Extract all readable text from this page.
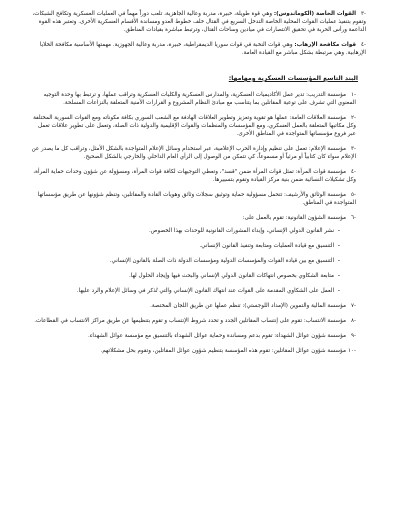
-٣القوات الخاصة (الكوماندوس): وهي قوة طويلة، خبيرة، مدربة وعالية الجاهزية، تلعب دوراً مهماً في العمليات العسكرية وتكافح الشبكات، وتقوم بتنفيذ عمليات القوات المحلية الخاصة التدخل السريع في القتال خلف خطوط العدو ومساندة الأقسام العسكرية الأخرى. وتعتبر هذه القوة الداعمة ورأس الحربة في تحقيق الانتصارات في ميادين وساحات القتال، وترتبط مباشرة بقيادات المناطق.
-٤قوات مكافحة الإرهاب: وهي قوات النخبة في قوات سوريا الديمقراطية، خبيرة، مدربة وعالية الجهوزية. مهمتها الأساسية مكافحة الخلايا الإرهابية. وهي مرتبطة بشكل مباشر مع القيادة العامة.
البند التاسع المؤسسات العسكرية ومهامها:
-١مؤسسة التدريب: تدير عمل الأكاديميات العسكرية، والمدارس العسكرية والكليات العسكرية وتراقب عملها، و ترتبط بها وحدة التوجيه المعنوي التي تشرف على توعية المقاتلين بما يتناسب مع مبادئ النظام المشروع و القرارات الأمنية المتعلقة بالنزاعات المسلحة.
-٢مؤسسة العلاقات العامة: عملها هو تقوية وتعزيز وتطوير العلاقات الهادفة مع الشعب السوري بكافة مكوناته ومع القوات السورية المختلفة وكل مكاتبها المتعلقة بالعمل العسكري، ومع المؤسسات والمنظمات والقوات الإقليمية والدولية ذات الصلة، وتعمل على تطوير علاقات تعمل عبر فروع مؤسساتها المتواجدة في المناطق الأخرى.
-٣مؤسسة الإعلام: تعمل على تنظيم وإدارة الحرب الإعلامية، عبر استخدام وسائل الإعلام المتواجدة بالشكل الأمثل، وتراقب كل ما يصدر عن الإعلام سواء كان كتابياً أو مرئياً أو مسموعاً، كي تتمكن من الوصول إلى الرأي العام الداخلي والخارجي بالشكل الصحيح.
-٤مؤسسة قوات المرأة: تمثل قوات المرأة ضمن "قسد"، وتعطي التوجيهات لكافة قوات المرأة، ومسؤولة عن شؤون وحدات حماية المرأة، وكل تشكيلات النسائية ضمن بنية مركز القيادة وتقوم بتسييرها.
-٥مؤسسة الوثائق والأرشيف: تتحمل مسؤولية حماية وتوثيق سجلات وثائق وهويات القادة والمقاتلين، وتنظم شؤونها عن طريق مؤسساتها المتواجدة في المناطق.
-٦مؤسسة الشؤون القانونية: تقوم بالعمل على:
٠نشر القانون الدولي الإنساني، وإبداء المشورات القانونية للوحدات بهذا الخصوص.
٠التنسيق مع قيادة العمليات ومتابعة وتنفيذ القانون الإنساني.
٠التنسيق مع بين قيادة القوات والمؤسسات الدولية ومؤسسات الدولة ذات الصلة بالقانون الإنساني.
٠متابعة الشكاوي بخصوص انتهاكات القانون الدولي الإنساني والبحث فيها وإيجاد الحلول لها.
٠العمل على الشكاوي المقدمة على القوات عند انتهاك القانون الإنساني والتي تُذكر في وسائل الإعلام والرد عليها.
-٧مؤسسة المالية والتموين (الإمداد اللوجستي): تنظم عملها عن طريق اللجان المختصة.
-٨مؤسسة الانتساب: تقوم على إنتساب المقاتلين الجدد و تحدد شروط الإنتساب و تقوم بتنظيمها عن طريق مراكز الانتساب في القطاعات.
-٩مؤسسة شؤون عوائل الشهداء: تقوم بدعم ومساندة وحماية عوائل الشهداء بالتنسيق مع مؤسسة عوائل الشهداء.
-١٠مؤسسة شؤون عوائل المقاتلين: تقوم هذه المؤسسة بتنظيم شؤون عوائل المقاتلين، وتقوم بحل مشكلاتهم.
